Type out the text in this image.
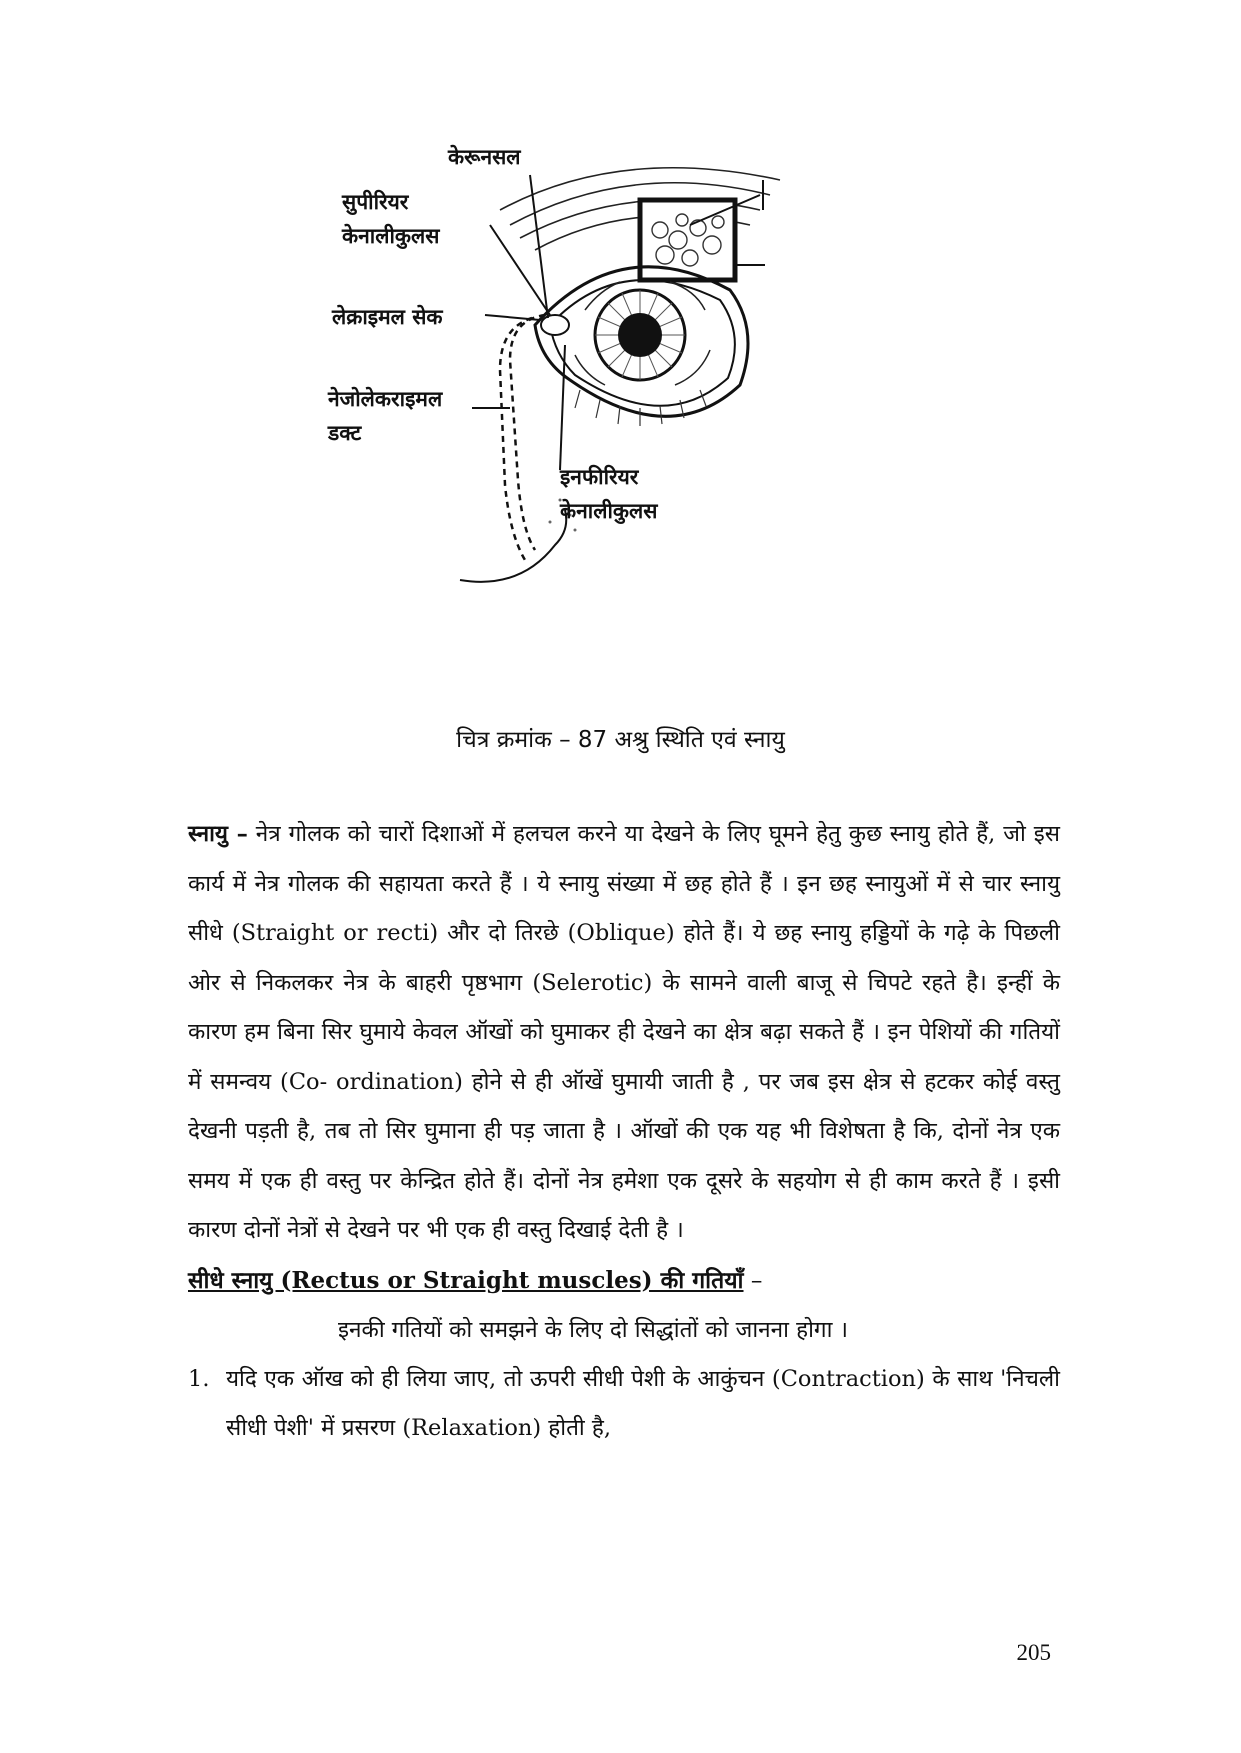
केरूनसल
सुपीरियर
केनालीकुलस
लेक्राइमल सेक
नेजोलेकराइमल
डक्ट
इनफीरियर
केनालीकुलस
चित्र क्रमांक – 87 अश्रु स्थिति एवं स्नायु

स्नायु – नेत्र गोलक को चारों दिशाओं में हलचल करने या देखने के लिए घूमने हेतु कुछ स्नायु होते हैं, जो इस कार्य में नेत्र गोलक की सहायता करते हैं । ये स्नायु संख्या में छह होते हैं । इन छह स्नायुओं में से चार स्नायु सीधे (Straight or recti) और दो तिरछे (Oblique) होते हैं। ये छह स्नायु हड्डियों के गढ़े के पिछली ओर से निकलकर नेत्र के बाहरी पृष्ठभाग (Selerotic) के सामने वाली बाजू से चिपटे रहते है। इन्हीं के कारण हम बिना सिर घुमाये केवल ऑखों को घुमाकर ही देखने का क्षेत्र बढ़ा सकते हैं । इन पेशियों की गतियों में समन्वय (Co- ordination) होने से ही ऑखें घुमायी जाती है , पर जब इस क्षेत्र से हटकर कोई वस्तु देखनी पड़ती है, तब तो सिर घुमाना ही पड़ जाता है । ऑखों की एक यह भी विशेषता है कि, दोनों नेत्र एक समय में एक ही वस्तु पर केन्द्रित होते हैं। दोनों नेत्र हमेशा एक दूसरे के सहयोग से ही काम करते हैं । इसी कारण दोनों नेत्रों से देखने पर भी एक ही वस्तु दिखाई देती है ।

सीधे स्नायु (Rectus or Straight muscles) की गतियॉं –

इनकी गतियों को समझने के लिए दो सिद्धांतों को जानना होगा ।

1. यदि एक ऑख को ही लिया जाए, तो ऊपरी सीधी पेशी के आकुंचन (Contraction) के साथ 'निचली सीधी पेशी' में प्रसरण (Relaxation) होती है,
205
